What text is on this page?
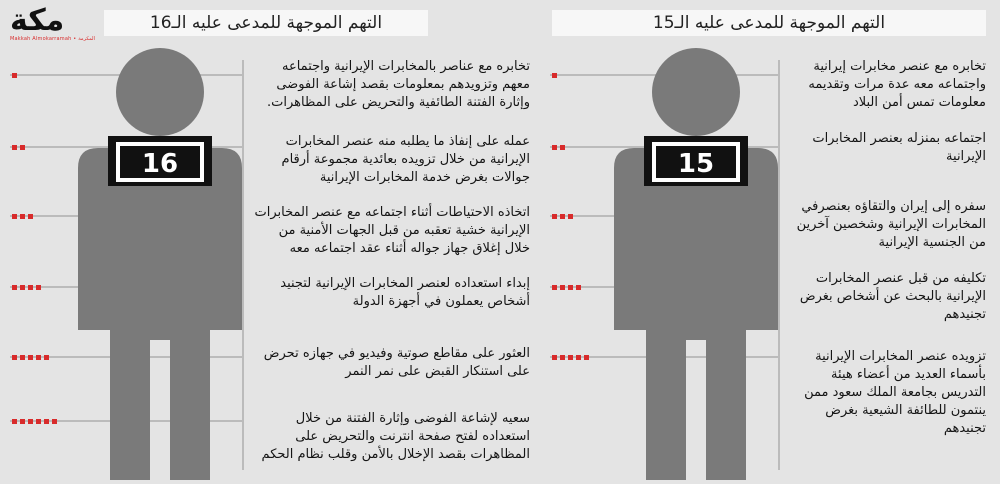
مكة
Makkah Almokarramah • المكرمة
التهم الموجهة للمدعى عليه الـ16
16
تخابره مع عناصر بالمخابرات الإيرانية واجتماعه معهم وتزويدهم بمعلومات بقصد إشاعة الفوضى وإثارة الفتنة الطائفية والتحريض على المظاهرات.
عمله على إنفاذ ما يطلبه منه عنصر المخابرات الإيرانية من خلال تزويده بعائدية مجموعة أرقام جوالات بغرض خدمة المخابرات الإيرانية
اتخاذه الاحتياطات أثناء اجتماعه مع عنصر المخابرات الإيرانية خشية تعقبه من قبل الجهات الأمنية من خلال إغلاق جهاز جواله أثناء عقد اجتماعه معه
إبداء استعداده لعنصر المخابرات الإيرانية لتجنيد أشخاص يعملون في أجهزة الدولة
العثور على مقاطع صوتية وفيديو في جهازه تحرض على استنكار القبض على نمر النمر
سعيه لإشاعة الفوضى وإثارة الفتنة من خلال استعداده لفتح صفحة انترنت والتحريض على المظاهرات بقصد الإخلال بالأمن وقلب نظام الحكم
التهم الموجهة للمدعى عليه الـ15
15
تخابره مع عنصر مخابرات إيرانية واجتماعه معه عدة مرات وتقديمه معلومات تمس أمن البلاد
اجتماعه بمنزله بعنصر المخابرات الإيرانية
سفره إلى إيران والتقاؤه بعنصرفي المخابرات الإيرانية وشخصين آخرين من الجنسية الإيرانية
تكليفه من قبل عنصر المخابرات الإيرانية بالبحث عن أشخاص بغرض تجنيدهم
تزويده عنصر المخابرات الإيرانية بأسماء العديد من أعضاء هيئة التدريس بجامعة الملك سعود ممن ينتمون للطائفة الشيعية بغرض تجنيدهم
